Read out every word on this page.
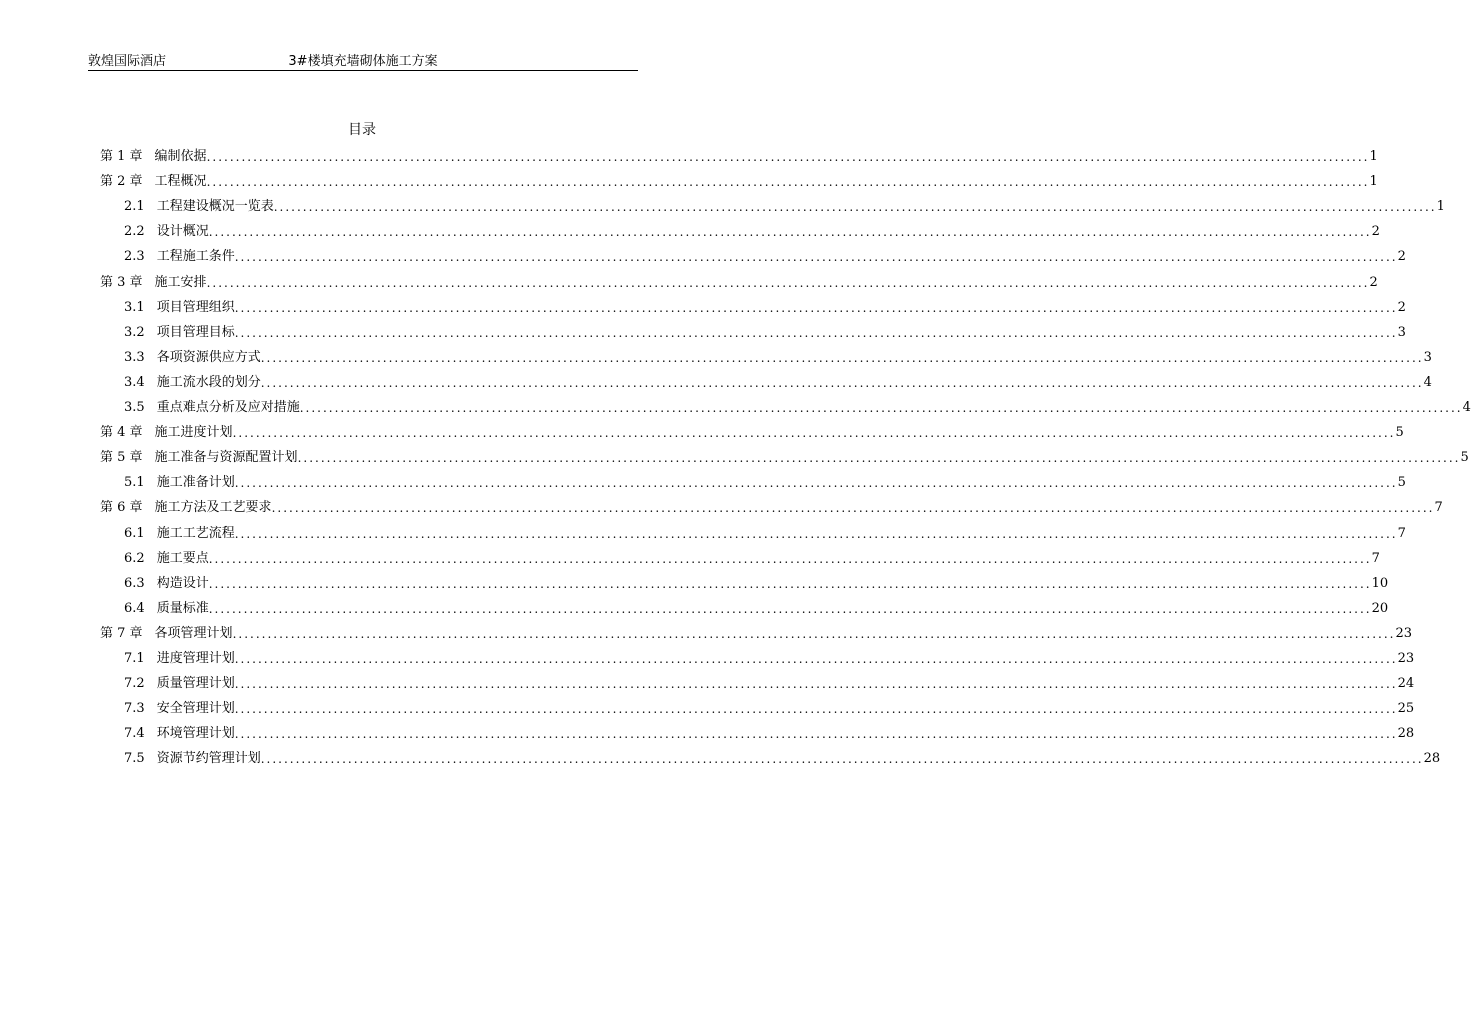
敦煌国际酒店	3#楼填充墙砌体施工方案
目录
第 1 章 编制依据 ........................................................................................................................................................................................................ 1
第 2 章 工程概况 ........................................................................................................................................................................................................ 1
2.1 工程建设概况一览表 ........................................................................................................................................................................................................ 1
2.2 设计概况 ........................................................................................................................................................................................................ 2
2.3 工程施工条件 ........................................................................................................................................................................................................ 2
第 3 章 施工安排 ........................................................................................................................................................................................................ 2
3.1 项目管理组织 ........................................................................................................................................................................................................ 2
3.2 项目管理目标 ........................................................................................................................................................................................................ 3
3.3 各项资源供应方式 ........................................................................................................................................................................................................ 3
3.4 施工流水段的划分 ........................................................................................................................................................................................................ 4
3.5 重点难点分析及应对措施 ........................................................................................................................................................................................................ 4
第 4 章 施工进度计划 ........................................................................................................................................................................................................ 5
第 5 章 施工准备与资源配置计划 ........................................................................................................................................................................................................ 5
5.1 施工准备计划 ........................................................................................................................................................................................................ 5
第 6 章 施工方法及工艺要求 ........................................................................................................................................................................................................ 7
6.1 施工工艺流程 ........................................................................................................................................................................................................ 7
6.2 施工要点 ........................................................................................................................................................................................................ 7
6.3 构造设计 ........................................................................................................................................................................................................ 10
6.4 质量标准 ........................................................................................................................................................................................................ 20
第 7 章 各项管理计划 ........................................................................................................................................................................................................ 23
7.1 进度管理计划 ........................................................................................................................................................................................................ 23
7.2 质量管理计划 ........................................................................................................................................................................................................ 24
7.3 安全管理计划 ........................................................................................................................................................................................................ 25
7.4 环境管理计划 ........................................................................................................................................................................................................ 28
7.5 资源节约管理计划 ........................................................................................................................................................................................................ 28
